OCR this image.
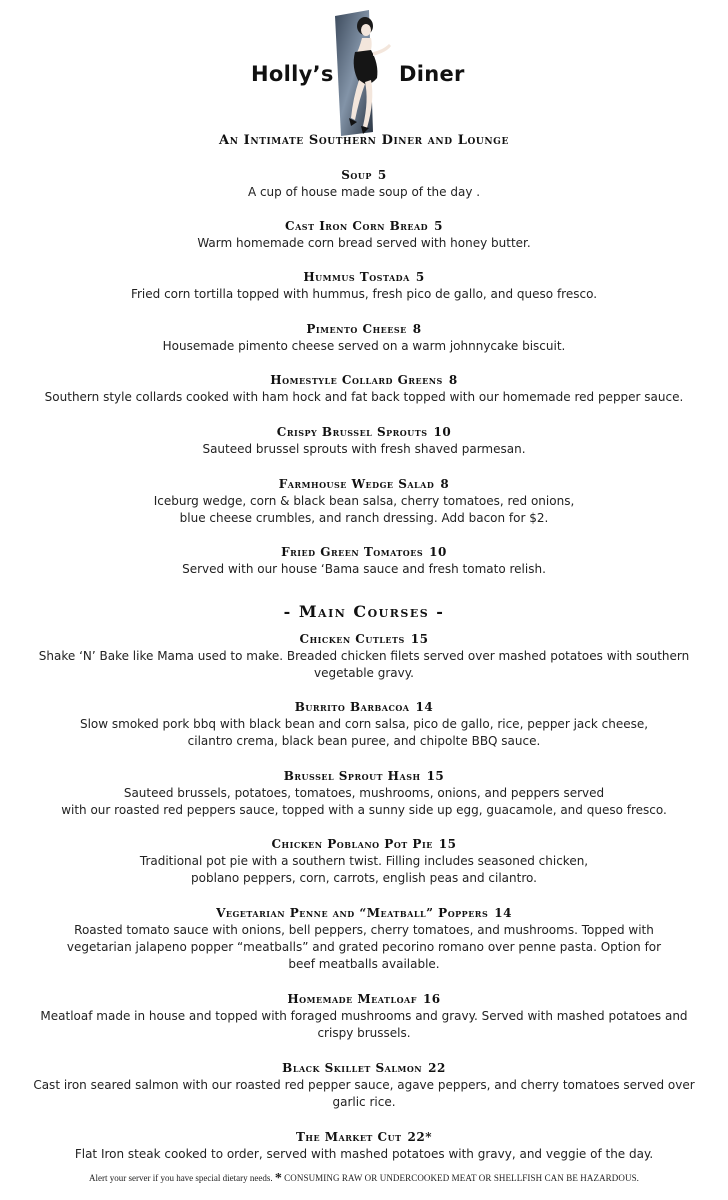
Holly’s	Diner
An Intimate Southern Diner and Lounge
Soup 5
A cup of house made soup of the day .
Cast Iron Corn Bread 5
Warm homemade corn bread served with honey butter.
Hummus Tostada 5
Fried corn tortilla topped with hummus, fresh pico de gallo, and queso fresco.
Pimento Cheese 8
Housemade pimento cheese served on a warm johnnycake biscuit.
Homestyle Collard Greens 8
Southern style collards cooked with ham hock and fat back topped with our homemade red pepper sauce.
Crispy Brussel Sprouts 10
Sauteed brussel sprouts with fresh shaved parmesan.
Farmhouse Wedge Salad 8
Iceburg wedge, corn & black bean salsa, cherry tomatoes, red onions,
blue cheese crumbles, and ranch dressing. Add bacon for $2.
Fried Green Tomatoes 10
Served with our house ‘Bama sauce and fresh tomato relish.
- Main Courses -
Chicken Cutlets 15
Shake ‘N’ Bake like Mama used to make. Breaded chicken filets served over mashed potatoes with southern
vegetable gravy.
Burrito Barbacoa 14
Slow smoked pork bbq with black bean and corn salsa, pico de gallo, rice, pepper jack cheese,
cilantro crema, black bean puree, and chipolte BBQ sauce.
Brussel Sprout Hash 15
Sauteed brussels, potatoes, tomatoes, mushrooms, onions, and peppers served
with our roasted red peppers sauce, topped with a sunny side up egg, guacamole, and queso fresco.
Chicken Poblano Pot Pie 15
Traditional pot pie with a southern twist. Filling includes seasoned chicken,
poblano peppers, corn, carrots, english peas and cilantro.
Vegetarian Penne and “Meatball” Poppers 14
Roasted tomato sauce with onions, bell peppers, cherry tomatoes, and mushrooms. Topped with
vegetarian jalapeno popper “meatballs” and grated pecorino romano over penne pasta. Option for
beef meatballs available.
Homemade Meatloaf 16
Meatloaf made in house and topped with foraged mushrooms and gravy. Served with mashed potatoes and
crispy brussels.
Black Skillet Salmon 22
Cast iron seared salmon with our roasted red pepper sauce, agave peppers, and cherry tomatoes served over
garlic rice.
The Market Cut 22*
Flat Iron steak cooked to order, served with mashed potatoes with gravy, and veggie of the day.
Alert your server if you have special dietary needs. * CONSUMING RAW OR UNDERCOOKED MEAT OR SHELLFISH CAN BE HAZARDOUS.
